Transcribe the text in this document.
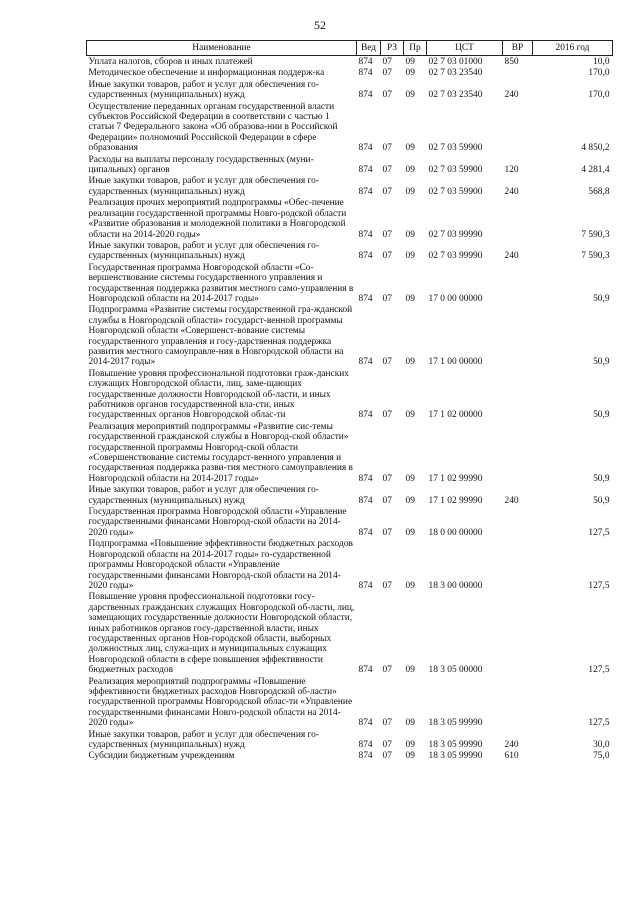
52
Наименование	Вед	РЗ	Пр	ЦСТ	ВР	2016 год
Уплата налогов, сборов и иных платежей	874	07	09	02 7 03 01000	850	10,0
Методическое обеспечение и информационная поддерж-ка	874	07	09	02 7 03 23540		170,0
Иные закупки товаров, работ и услуг для обеспечения го-сударственных (муниципальных) нужд	874	07	09	02 7 03 23540	240	170,0
Осуществление переданных органам государственной власти субъектов Российской Федерации в соответствии с частью 1 статьи 7 Федерального закона «Об образова-нии в Российской Федерации» полномочий Российской Федерации в сфере образования	874	07	09	02 7 03 59900		4 850,2
Расходы на выплаты персоналу государственных (муни-ципальных) органов	874	07	09	02 7 03 59900	120	4 281,4
Иные закупки товаров, работ и услуг для обеспечения го-сударственных (муниципальных) нужд	874	07	09	02 7 03 59900	240	568,8
Реализация прочих мероприятий подпрограммы «Обес-печение реализации государственной программы Новго-родской области «Развитие образования и молодежной политики в Новгородской области на 2014-2020 годы»	874	07	09	02 7 03 99990		7 590,3
Иные закупки товаров, работ и услуг для обеспечения го-сударственных (муниципальных) нужд	874	07	09	02 7 03 99990	240	7 590,3
Государственная программа Новгородской области «Со-вершенствование системы государственного управления и государственная поддержка развития местного само-управления в Новгородской области на 2014-2017 годы»	874	07	09	17 0 00 00000		50,9
Подпрограмма «Развитие системы государственной гра-жданской службы в Новгородской области» государст-венной программы Новгородской области «Совершенст-вование системы государственного управления и госу-дарственная поддержка развития местного самоуправле-ния в Новгородской области на 2014-2017 годы»	874	07	09	17 1 00 00000		50,9
Повышение уровня профессиональной подготовки граж-данских служащих Новгородской области, лиц, заме-щающих государственные должности Новгородской об-ласти, и иных работников органов государственной вла-сти, иных государственных органов Новгородской облас-ти	874	07	09	17 1 02 00000		50,9
Реализация мероприятий подпрограммы «Развитие сис-темы государственной гражданской службы в Новгород-ской области» государственной программы Новгород-ской области «Совершенствование системы государст-венного управления и государственная поддержка разви-тия местного самоуправления в Новгородской области на 2014-2017 годы»	874	07	09	17 1 02 99990		50,9
Иные закупки товаров, работ и услуг для обеспечения го-сударственных (муниципальных) нужд	874	07	09	17 1 02 99990	240	50,9
Государственная программа Новгородской области «Управление государственными финансами Новгород-ской области на 2014-2020 годы»	874	07	09	18 0 00 00000		127,5
Подпрограмма «Повышение эффективности бюджетных расходов Новгородской области на 2014-2017 годы» го-сударственной программы Новгородской области «Управление государственными финансами Новгород-ской области на 2014-2020 годы»	874	07	09	18 3 00 00000		127,5
Повышение уровня профессиональной подготовки госу-дарственных гражданских служащих Новгородской об-ласти, лиц, замещающих государственные должности Новгородской области, иных работников органов госу-дарственной власти, иных государственных органов Нов-городской области, выборных должностных лиц, служа-щих и муниципальных служащих Новгородской области в сфере повышения эффективности бюджетных расходов	874	07	09	18 3 05 00000		127,5
Реализация мероприятий подпрограммы «Повышение эффективности бюджетных расходов Новгородской об-ласти» государственной программы Новгородской облас-ти «Управление государственными финансами Новго-родской области на 2014-2020 годы»	874	07	09	18 3 05 99990		127,5
Иные закупки товаров, работ и услуг для обеспечения го-сударственных (муниципальных) нужд	874	07	09	18 3 05 99990	240	30,0
Субсидии бюджетным учреждениям	874	07	09	18 3 05 99990	610	75,0
